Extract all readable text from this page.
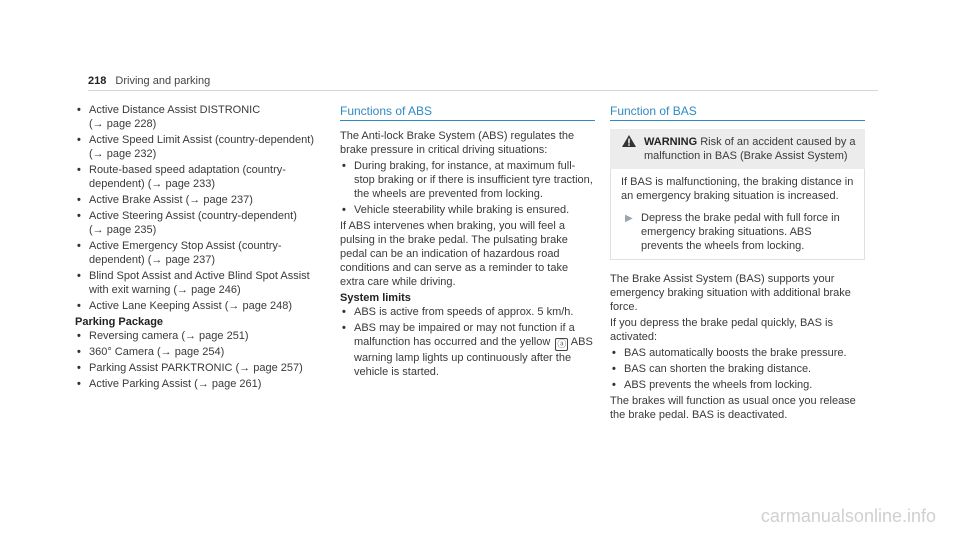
218 Driving and parking
• Active Distance Assist DISTRONIC
(→ page 228)
• Active Speed Limit Assist (country-dependent)
(→ page 232)
• Route-based speed adaptation (country-dependent) (→ page 233)
• Active Brake Assist (→ page 237)
• Active Steering Assist (country-dependent)
(→ page 235)
• Active Emergency Stop Assist (country-dependent) (→ page 237)
• Blind Spot Assist and Active Blind Spot Assist with exit warning (→ page 246)
• Active Lane Keeping Assist (→ page 248)
Parking Package
• Reversing camera (→ page 251)
• 360° Camera (→ page 254)
• Parking Assist PARKTRONIC (→ page 257)
• Active Parking Assist (→ page 261)
Functions of ABS

The Anti-lock Brake System (ABS) regulates the brake pressure in critical driving situations:

• During braking, for instance, at maximum full-stop braking or if there is insufficient tyre traction, the wheels are prevented from locking.
• Vehicle steerability while braking is ensured.

If ABS intervenes when braking, you will feel a pulsing in the brake pedal. The pulsating brake pedal can be an indication of hazardous road conditions and can serve as a reminder to take extra care while driving.

System limits
• ABS is active from speeds of approx. 5 km/h.
• ABS may be impaired or may not function if a malfunction has occurred and the yellow ⓐ ABS warning lamp lights up continuously after the vehicle is started.
Function of BAS
WARNING Risk of an accident caused by a malfunction in BAS (Brake Assist System)

If BAS is malfunctioning, the braking distance in an emergency braking situation is increased.

▶ Depress the brake pedal with full force in emergency braking situations. ABS prevents the wheels from locking.

The Brake Assist System (BAS) supports your emergency braking situation with additional brake force.

If you depress the brake pedal quickly, BAS is activated:

• BAS automatically boosts the brake pressure.
• BAS can shorten the braking distance.
• ABS prevents the wheels from locking.

The brakes will function as usual once you release the brake pedal. BAS is deactivated.

carmanualsonline.info
